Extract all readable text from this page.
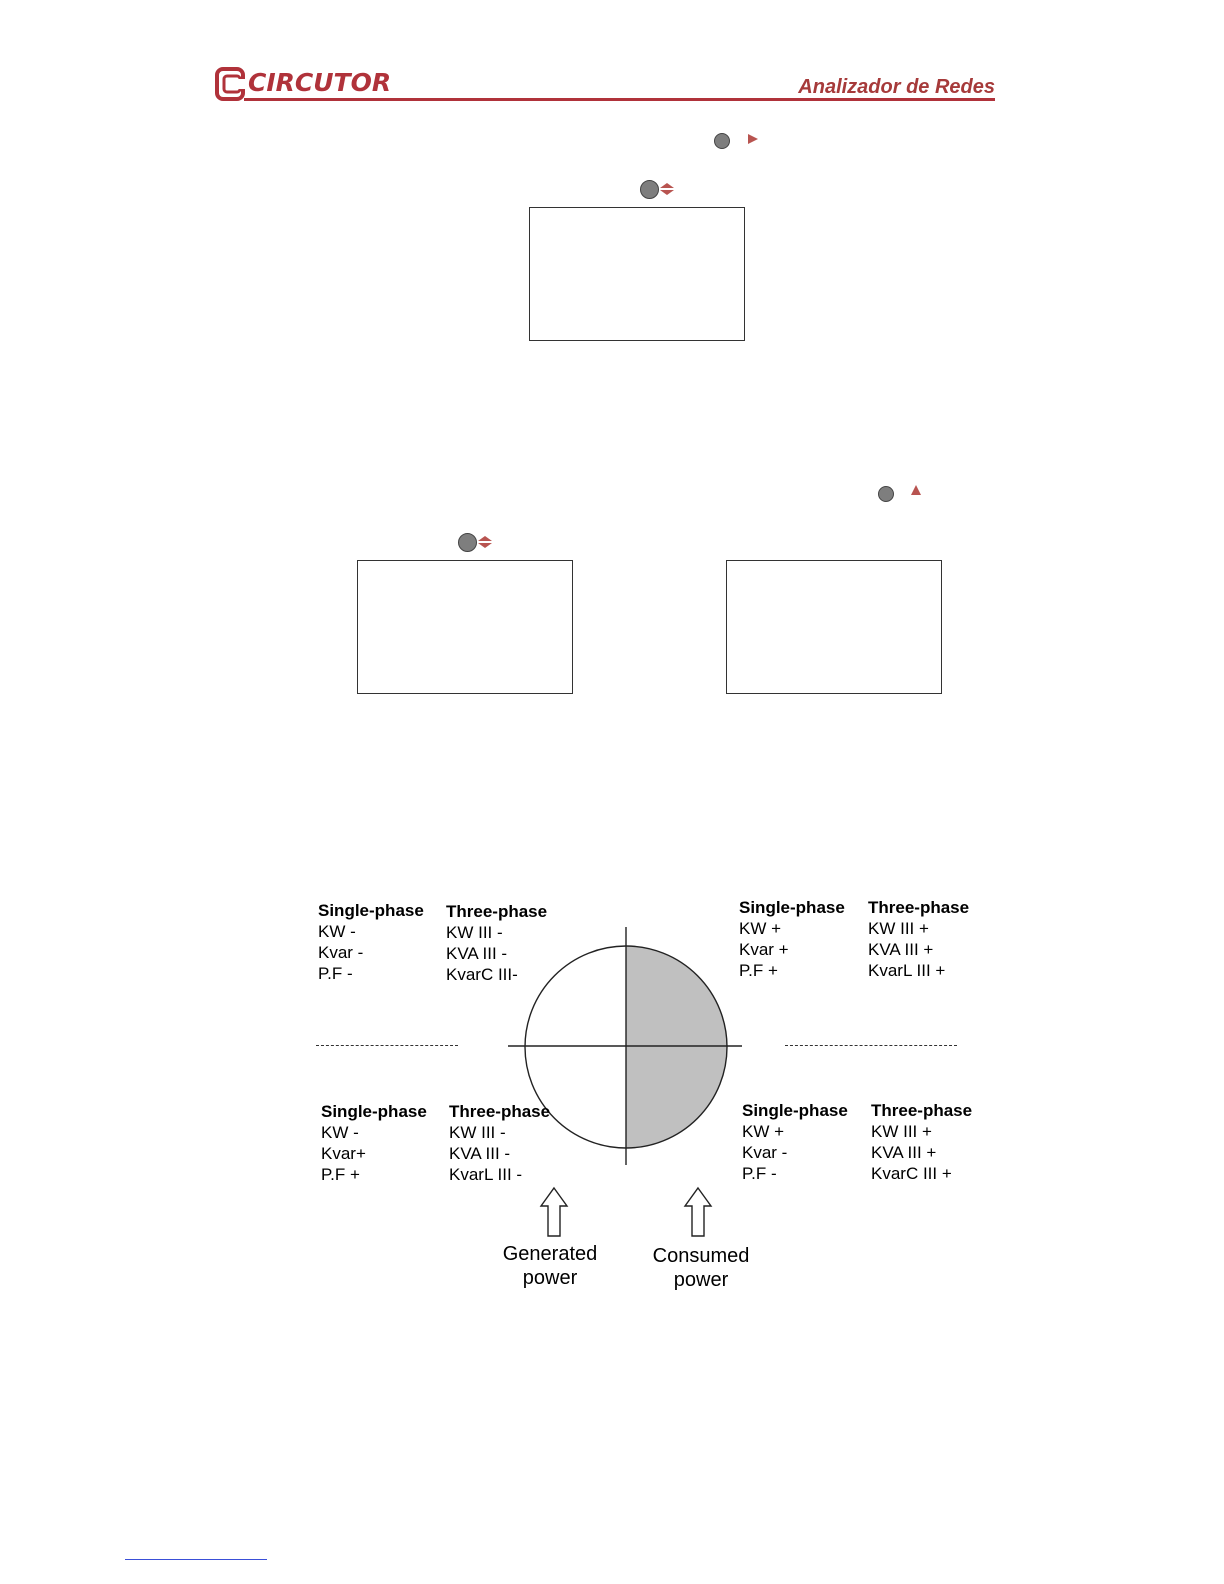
CIRCUTOR	Analizador de Redes
Single-phase
KW -
Kvar -
P.F -
Three-phase
KW III -
KVA III -
KvarC III-
Single-phase
KW +
Kvar +
P.F +
Three-phase
KW III +
KVA III +
KvarL III +
Single-phase
KW -
Kvar+
P.F +
Three-phase
KW III -
KVA III -
KvarL III -
Single-phase
KW +
Kvar -
P.F -
Three-phase
KW III +
KVA III +
KvarC III +
Generated
power
Consumed
power
